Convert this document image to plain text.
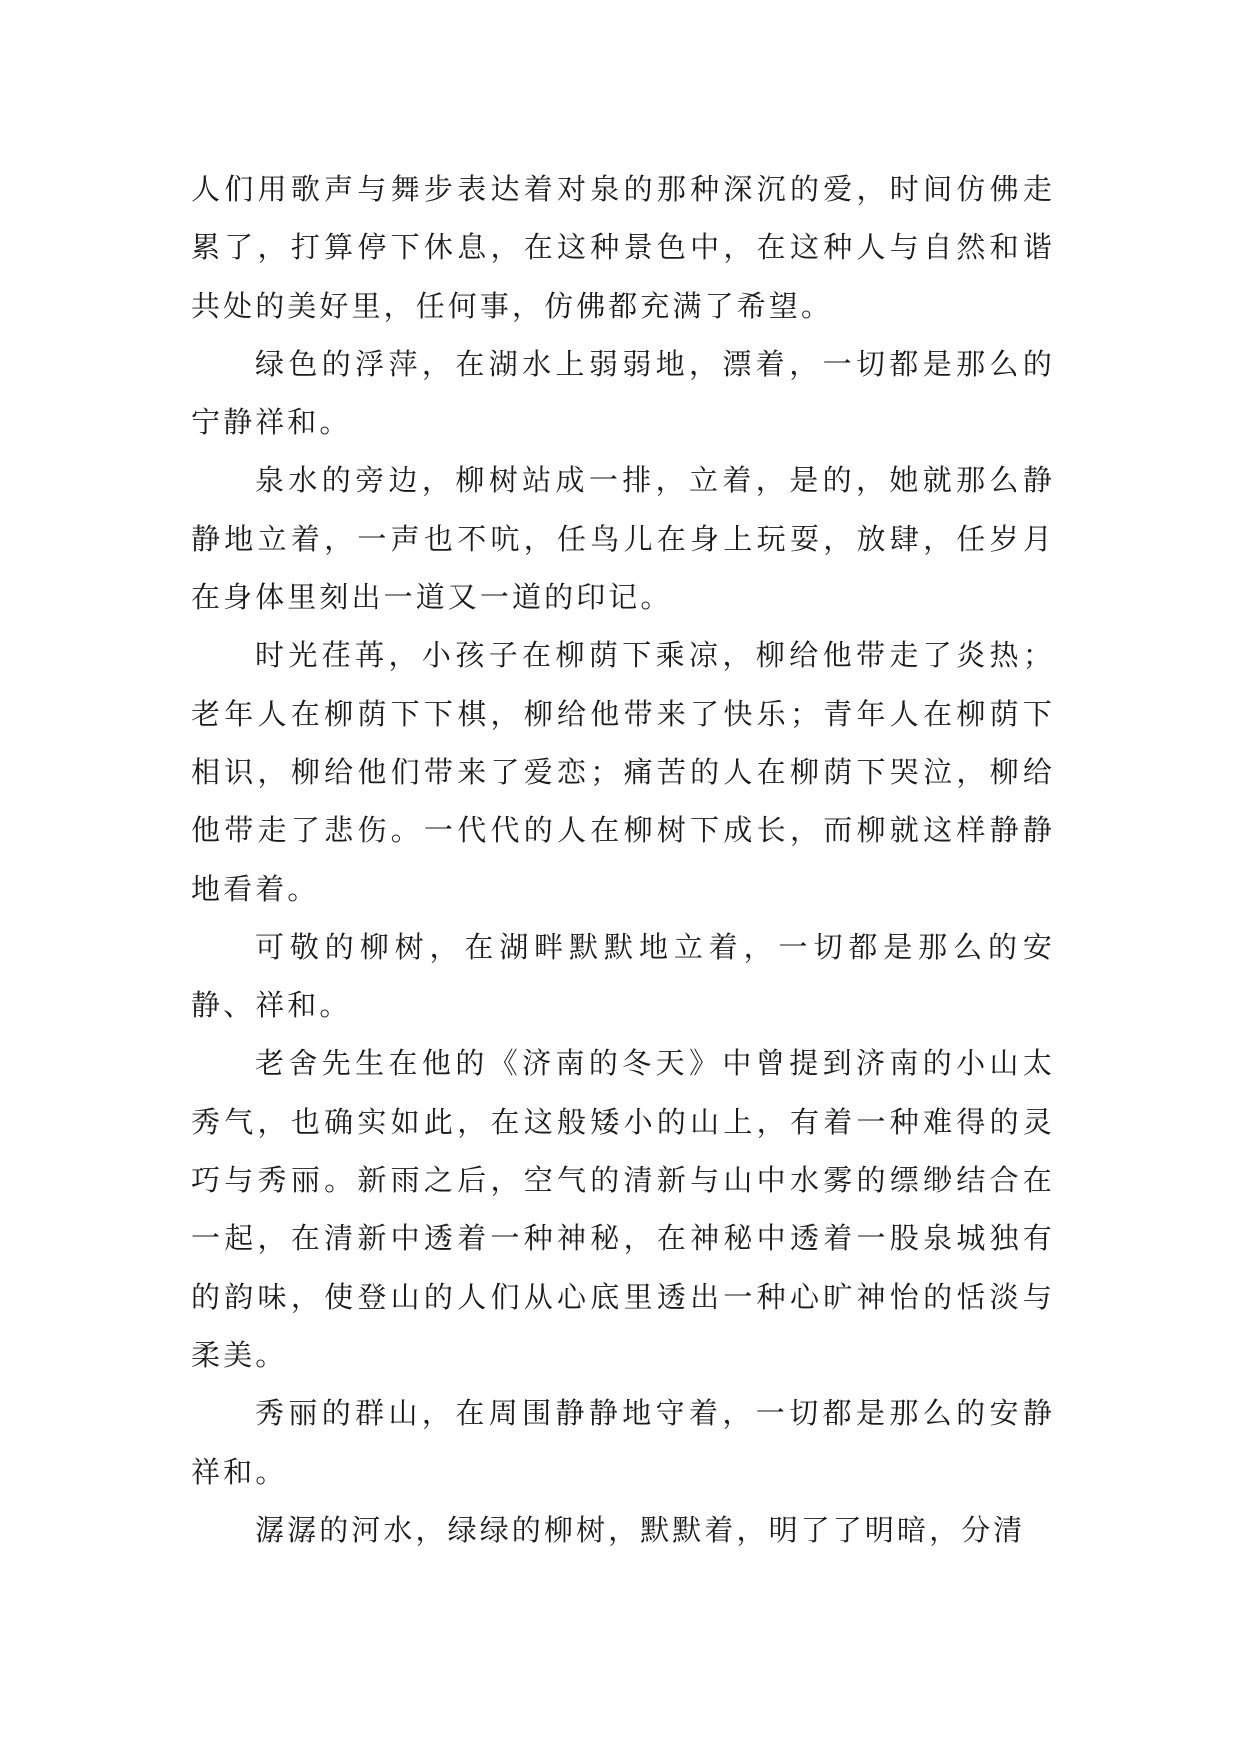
人们用歌声与舞步表达着对泉的那种深沉的爱，时间仿佛走累了，打算停下休息，在这种景色中，在这种人与自然和谐共处的美好里，任何事，仿佛都充满了希望。

绿色的浮萍，在湖水上弱弱地，漂着，一切都是那么的宁静祥和。

泉水的旁边，柳树站成一排，立着，是的，她就那么静静地立着，一声也不吭，任鸟儿在身上玩耍，放肆，任岁月在身体里刻出一道又一道的印记。

时光荏苒，小孩子在柳荫下乘凉，柳给他带走了炎热；老年人在柳荫下下棋，柳给他带来了快乐；青年人在柳荫下相识，柳给他们带来了爱恋；痛苦的人在柳荫下哭泣，柳给他带走了悲伤。一代代的人在柳树下成长，而柳就这样静静地看着。

可敬的柳树，在湖畔默默地立着，一切都是那么的安静、祥和。

老舍先生在他的《济南的冬天》中曾提到济南的小山太秀气，也确实如此，在这般矮小的山上，有着一种难得的灵巧与秀丽。新雨之后，空气的清新与山中水雾的缥缈结合在一起，在清新中透着一种神秘，在神秘中透着一股泉城独有的韵味，使登山的人们从心底里透出一种心旷神怡的恬淡与柔美。

秀丽的群山，在周围静静地守着，一切都是那么的安静祥和。

潺潺的河水，绿绿的柳树，默默着，明了了明暗，分清
